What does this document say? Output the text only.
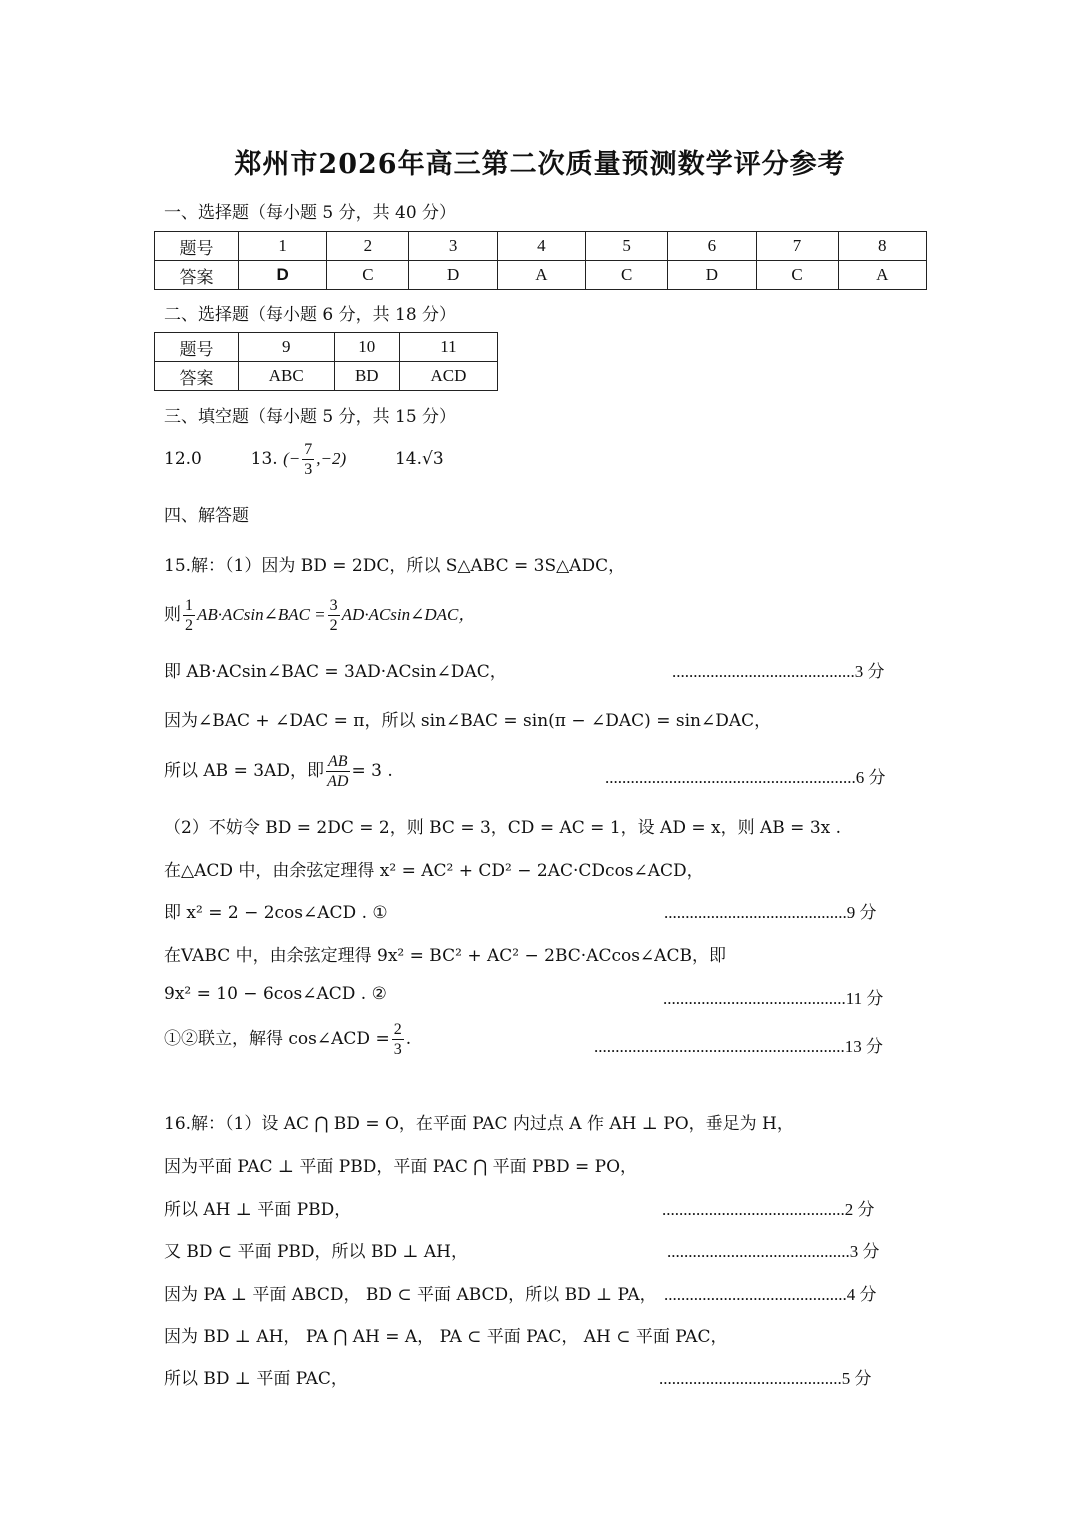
郑州市2026年高三第二次质量预测数学评分参考
一、选择题（每小题 5 分，共 40 分）
题号	1	2	3	4	5	6	7	8
答案	D	C	D	A	C	D	C	A
二、选择题（每小题 6 分，共 18 分）
题号	9	10	11
答案	ABC	BD	ACD
三、填空题（每小题 5 分，共 15 分）
12.0	13. (− $\frac{7}{3} ,-2$)	14.√3
四、解答题
15.解：（1）因为 BD = 2DC，所以 S△ABC = 3S△ADC，
则 $\frac{1}{2}$ AB·ACsin∠BAC = $\frac{3}{2}$ AD·ACsin∠DAC，
即 AB·ACsin∠BAC = 3AD·ACsin∠DAC，	...........................................3 分
因为∠BAC + ∠DAC = π，所以 sin∠BAC = sin(π − ∠DAC) = sin∠DAC，
所以 AB = 3AD，即 $\frac{AB}{AD} = 3$ .	...........................................................6 分
（2）不妨令 BD = 2DC = 2，则 BC = 3，CD = AC = 1，设 AD = x，则 AB = 3x .
在△ACD 中，由余弦定理得 x² = AC² + CD² − 2AC·CDcos∠ACD，
即 x² = 2 − 2cos∠ACD . ①	...........................................9 分
在VABC 中，由余弦定理得 9x² = BC² + AC² − 2BC·ACcos∠ACB，即
9x² = 10 − 6cos∠ACD . ②	...........................................11 分
①②联立，解得 cos∠ACD = $\frac{2}{3}$ .	...........................................................13 分
16.解：（1）设 AC ⋂ BD = O，在平面 PAC 内过点 A 作 AH ⊥ PO，垂足为 H，
因为平面 PAC ⊥ 平面 PBD，平面 PAC ⋂ 平面 PBD = PO，
所以 AH ⊥ 平面 PBD，	...........................................2 分
又 BD ⊂ 平面 PBD，所以 BD ⊥ AH，	...........................................3 分
因为 PA ⊥ 平面 ABCD， BD ⊂ 平面 ABCD，所以 BD ⊥ PA， ...........................................4 分
因为 BD ⊥ AH， PA ⋂ AH = A， PA ⊂ 平面 PAC， AH ⊂ 平面 PAC，
所以 BD ⊥ 平面 PAC，	...........................................5 分
